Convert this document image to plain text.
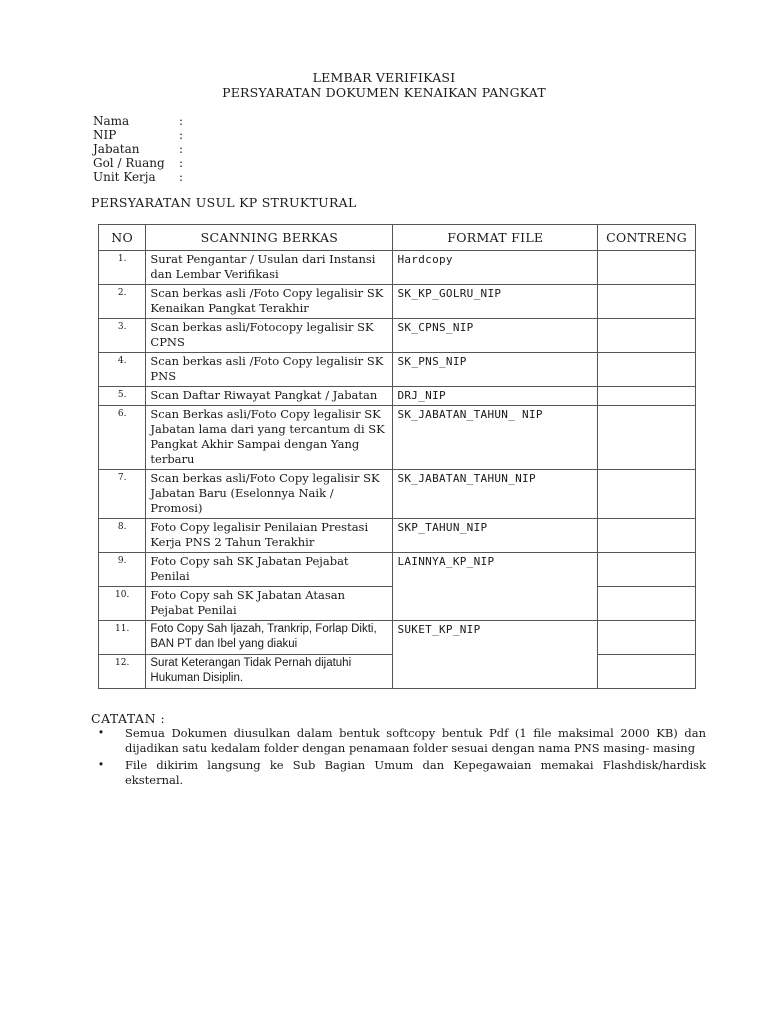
LEMBAR VERIFIKASI
PERSYARATAN DOKUMEN KENAIKAN PANGKAT
Nama	:
NIP	:
Jabatan	:
Gol / Ruang	:
Unit Kerja	:
PERSYARATAN USUL KP STRUKTURAL
NO	SCANNING BERKAS	FORMAT FILE	CONTRENG
1.	Surat Pengantar / Usulan dari Instansi dan Lembar Verifikasi	Hardcopy	
2.	Scan berkas asli /Foto Copy legalisir SK Kenaikan Pangkat Terakhir	SK_KP_GOLRU_NIP	
3.	Scan berkas asli/Fotocopy legalisir SK CPNS	SK_CPNS_NIP	
4.	Scan berkas asli /Foto Copy legalisir SK PNS	SK_PNS_NIP	
5.	Scan Daftar Riwayat Pangkat / Jabatan	DRJ_NIP	
6.	Scan Berkas asli/Foto Copy legalisir SK Jabatan lama dari yang tercantum di SK Pangkat Akhir Sampai dengan Yang terbaru	SK_JABATAN_TAHUN_ NIP	
7.	Scan berkas asli/Foto Copy legalisir SK Jabatan Baru (Eselonnya Naik / Promosi)	SK_JABATAN_TAHUN_NIP	
8.	Foto Copy legalisir Penilaian Prestasi Kerja PNS 2 Tahun Terakhir	SKP_TAHUN_NIP	
9.	Foto Copy sah SK Jabatan Pejabat Penilai	LAINNYA_KP_NIP	
10.	Foto Copy sah SK Jabatan Atasan Pejabat Penilai		
11.	Foto Copy Sah Ijazah, Trankrip, Forlap Dikti, BAN PT dan Ibel yang diakui	SUKET_KP_NIP	
12.	Surat Keterangan Tidak Pernah dijatuhi Hukuman Disiplin.		
CATATAN :
• Semua Dokumen diusulkan dalam bentuk softcopy bentuk Pdf (1 file maksimal 2000 KB) dan dijadikan satu kedalam folder dengan penamaan folder sesuai dengan nama PNS masing- masing
• File dikirim langsung ke Sub Bagian Umum dan Kepegawaian memakai Flashdisk/hardisk eksternal.
